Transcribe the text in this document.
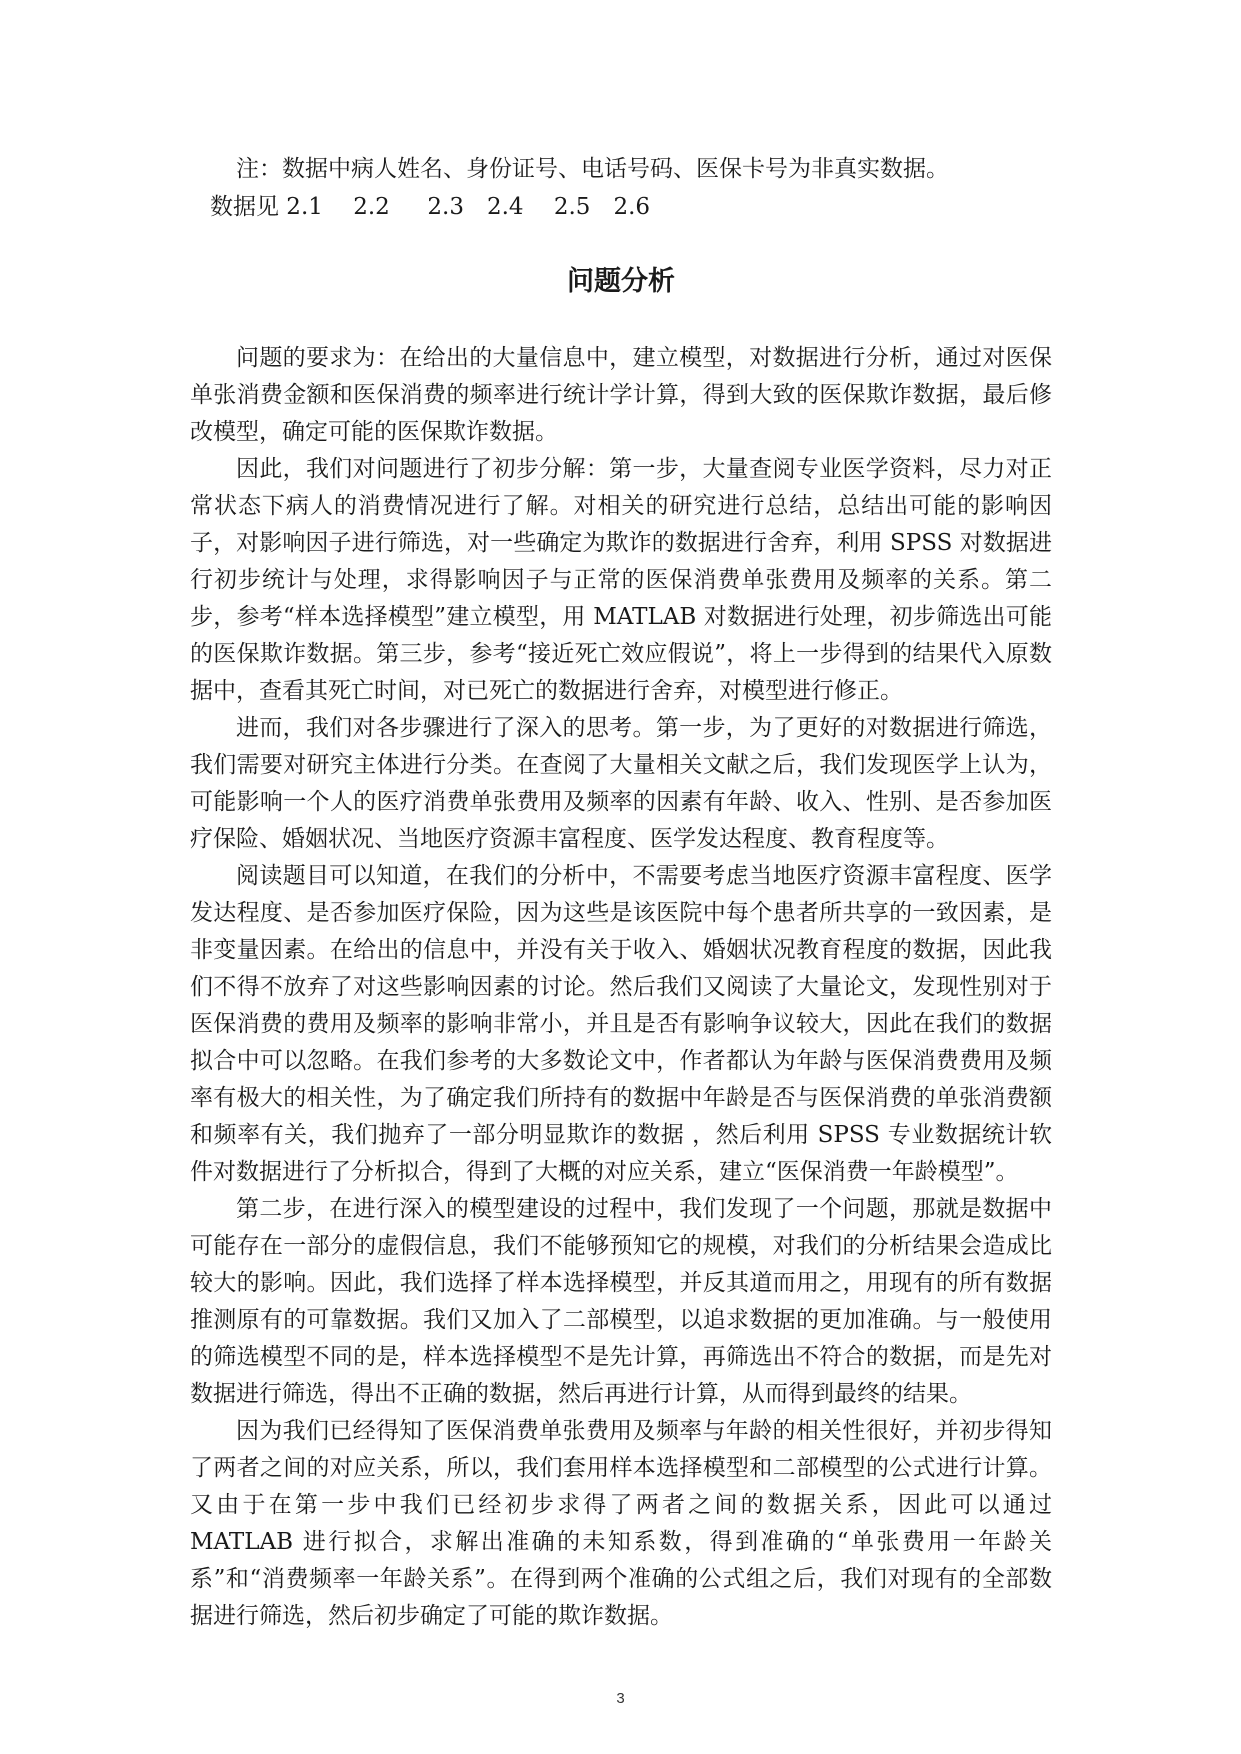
注：数据中病人姓名、身份证号、电话号码、医保卡号为非真实数据。

数据见 2.1　 2.2 　 2.3　2.4　 2.5　2.6

问题分析

问题的要求为：在给出的大量信息中，建立模型，对数据进行分析，通过对医保单张消费金额和医保消费的频率进行统计学计算，得到大致的医保欺诈数据，最后修改模型，确定可能的医保欺诈数据。

因此，我们对问题进行了初步分解：第一步，大量查阅专业医学资料，尽力对正常状态下病人的消费情况进行了解。对相关的研究进行总结，总结出可能的影响因子，对影响因子进行筛选，对一些确定为欺诈的数据进行舍弃，利用 SPSS 对数据进行初步统计与处理，求得影响因子与正常的医保消费单张费用及频率的关系。第二步，参考“样本选择模型”建立模型，用 MATLAB 对数据进行处理，初步筛选出可能的医保欺诈数据。第三步，参考“接近死亡效应假说”，将上一步得到的结果代入原数据中，查看其死亡时间，对已死亡的数据进行舍弃，对模型进行修正。

进而，我们对各步骤进行了深入的思考。第一步，为了更好的对数据进行筛选，我们需要对研究主体进行分类。在查阅了大量相关文献之后，我们发现医学上认为，可能影响一个人的医疗消费单张费用及频率的因素有年龄、收入、性别、是否参加医疗保险、婚姻状况、当地医疗资源丰富程度、医学发达程度、教育程度等。

阅读题目可以知道，在我们的分析中，不需要考虑当地医疗资源丰富程度、医学发达程度、是否参加医疗保险，因为这些是该医院中每个患者所共享的一致因素，是非变量因素。在给出的信息中，并没有关于收入、婚姻状况教育程度的数据，因此我们不得不放弃了对这些影响因素的讨论。然后我们又阅读了大量论文，发现性别对于医保消费的费用及频率的影响非常小，并且是否有影响争议较大，因此在我们的数据拟合中可以忽略。在我们参考的大多数论文中，作者都认为年龄与医保消费费用及频率有极大的相关性，为了确定我们所持有的数据中年龄是否与医保消费的单张消费额和频率有关，我们抛弃了一部分明显欺诈的数据 ，然后利用 SPSS 专业数据统计软件对数据进行了分析拟合，得到了大概的对应关系，建立“医保消费一年龄模型”。

第二步，在进行深入的模型建设的过程中，我们发现了一个问题，那就是数据中可能存在一部分的虚假信息，我们不能够预知它的规模，对我们的分析结果会造成比较大的影响。因此，我们选择了样本选择模型，并反其道而用之，用现有的所有数据推测原有的可靠数据。我们又加入了二部模型，以追求数据的更加准确。与一般使用的筛选模型不同的是，样本选择模型不是先计算，再筛选出不符合的数据，而是先对数据进行筛选，得出不正确的数据，然后再进行计算，从而得到最终的结果。

因为我们已经得知了医保消费单张费用及频率与年龄的相关性很好，并初步得知了两者之间的对应关系，所以，我们套用样本选择模型和二部模型的公式进行计算。又由于在第一步中我们已经初步求得了两者之间的数据关系，因此可以通过 MATLAB 进行拟合，求解出准确的未知系数，得到准确的“单张费用一年龄关系”和“消费频率一年龄关系”。在得到两个准确的公式组之后，我们对现有的全部数据进行筛选，然后初步确定了可能的欺诈数据。

3
